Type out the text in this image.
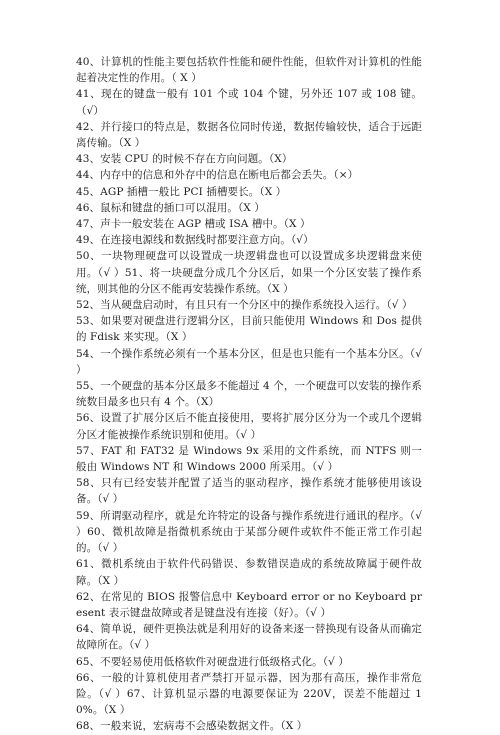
40、计算机的性能主要包括软件性能和硬件性能，但软件对计算机的性能起着决定性的作用。（ X ）

41、现在的键盘一般有 101 个或 104 个键，另外还 107 或 108 键。（√）

42、并行接口的特点是，数据各位同时传递，数据传输较快，适合于远距离传输。（X ）

43、安装 CPU 的时候不存在方向问题。（X）

44、内存中的信息和外存中的信息在断电后都会丢失。（×）

45、AGP 插槽一般比 PCI 插槽要长。（X ）

46、鼠标和键盘的插口可以混用。（X ）

47、声卡一般安装在 AGP 槽或 ISA 槽中。（X ）

49、在连接电源线和数据线时都要注意方向。（√）

50、一块物理硬盘可以设置成一块逻辑盘也可以设置成多块逻辑盘来使用。（√ ）51、将一块硬盘分成几个分区后，如果一个分区安装了操作系统，则其他的分区不能再安装操作系统。（X ）

52、当从硬盘启动时，有且只有一个分区中的操作系统投入运行。（√ ）

53、如果要对硬盘进行逻辑分区，目前只能使用 Windows 和 Dos 提供的 Fdisk 来实现。（X ）

54、一个操作系统必须有一个基本分区，但是也只能有一个基本分区。（√ ）

55、一个硬盘的基本分区最多不能超过 4 个，一个硬盘可以安装的操作系统数目最多也只有 4 个。（X）

56、设置了扩展分区后不能直接使用，要将扩展分区分为一个或几个逻辑分区才能被操作系统识别和使用。（√ ）

57、FAT 和 FAT32 是 Windows 9x 采用的文件系统，而 NTFS 则一般由 Windows NT 和 Windows 2000 所采用。（√ ）

58、只有已经安装并配置了适当的驱动程序，操作系统才能够使用该设备。（√ ）

59、所谓驱动程序，就是允许特定的设备与操作系统进行通讯的程序。（√ ）60、微机故障是指微机系统由于某部分硬件或软件不能正常工作引起的。（√ ）

61、微机系统由于软件代码错误、参数错误造成的系统故障属于硬件故障。（X ）

62、在常见的 BIOS 报警信息中 Keyboard error or no Keyboard present 表示键盘故障或者是键盘没有连接（好）。（√ ）

64、简单说，硬件更换法就是利用好的设备来逐一替换现有设备从而确定故障所在。（√ ）

65、不要轻易使用低格软件对硬盘进行低级格式化。（√ ）

66、一般的计算机使用者严禁打开显示器，因为那有高压，操作非常危险。（√ ）67、计算机显示器的电源要保证为 220V，误差不能超过 10%。（X ）

68、一般来说，宏病毒不会感染数据文件。（X ）
